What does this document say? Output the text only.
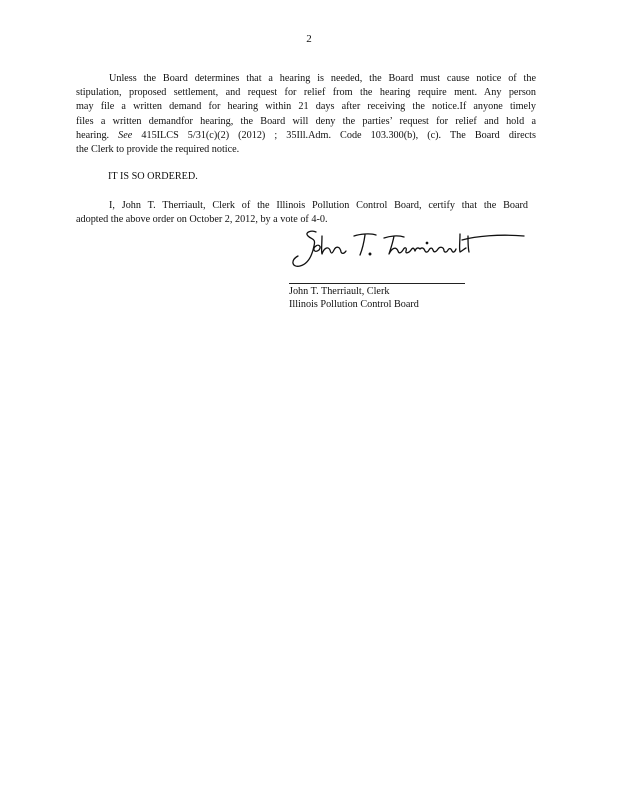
2
Unless the Board determines that a hearing is needed, the Board must cause notice of the
stipulation, proposed settlement, and request for relief from the hearing require ment. Any person
may file a written demand for hearing within 21 days after receiving the notice.If anyone timely
files a written demandfor hearing, the Board will deny the parties’ request for relief and hold a
hearing. See 415ILCS 5/31(c)(2) (2012) ; 35Ill.Adm. Code 103.300(b), (c). The Board directs
the Clerk to provide the required notice.
IT IS SO ORDERED.
I, John T. Therriault, Clerk of the Illinois Pollution Control Board, certify that the Board
adopted the above order on October 2, 2012, by a vote of 4-0.
John T. Therriault, Clerk
Illinois Pollution Control Board
